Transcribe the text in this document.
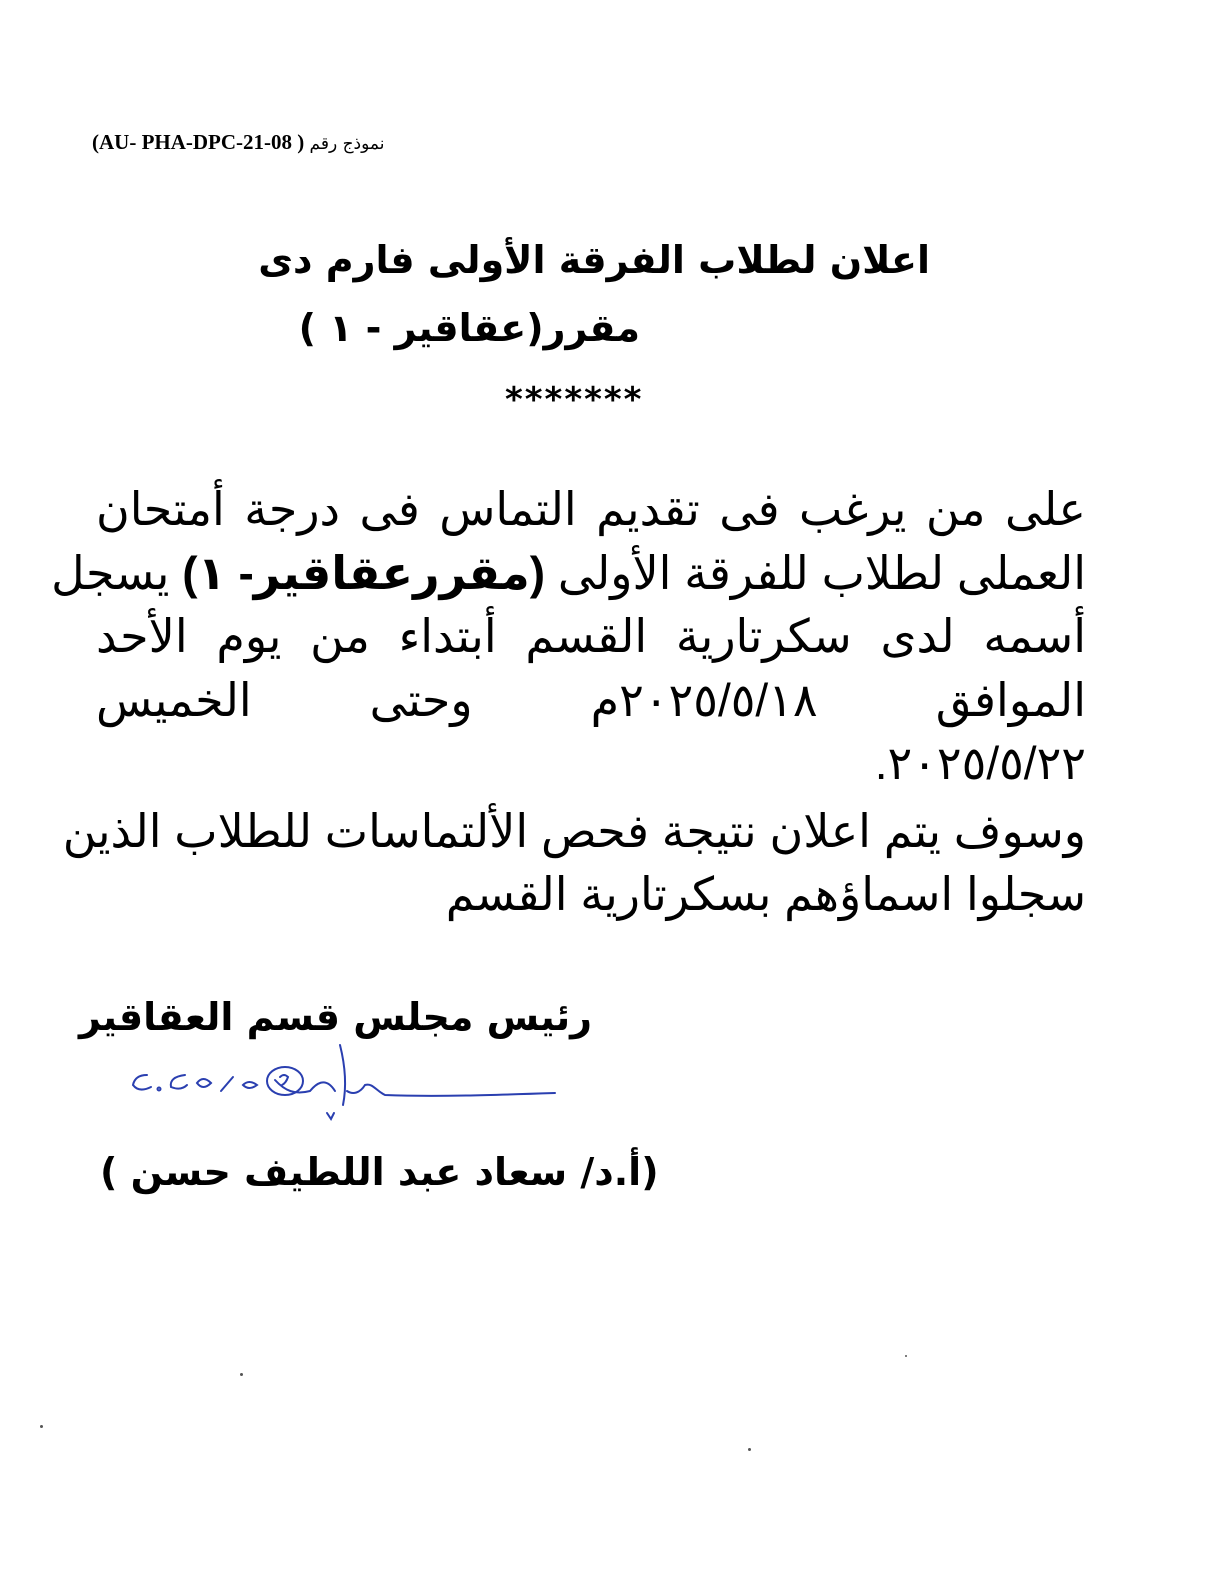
(AU- PHA-DPC-21-08 ) نموذج رقم
اعلان لطلاب الفرقة الأولى فارم دى
مقرر(عقاقير - ١ )
*******
على من يرغب فى تقديم التماس فى درجة أمتحان
العملى لطلاب للفرقة الأولى (مقررعقاقير- ١) يسجل
أسمه لدى سكرتارية القسم أبتداء من يوم الأحد
الموافق ٢٠٢٥/٥/١٨م وحتى الخميس
٢٠٢٥/٥/٢٢.
وسوف يتم اعلان نتيجة فحص الألتماسات للطلاب الذين
سجلوا اسماؤهم بسكرتارية القسم
رئيس مجلس قسم العقاقير
(أ.د/ سعاد عبد اللطيف حسن )
